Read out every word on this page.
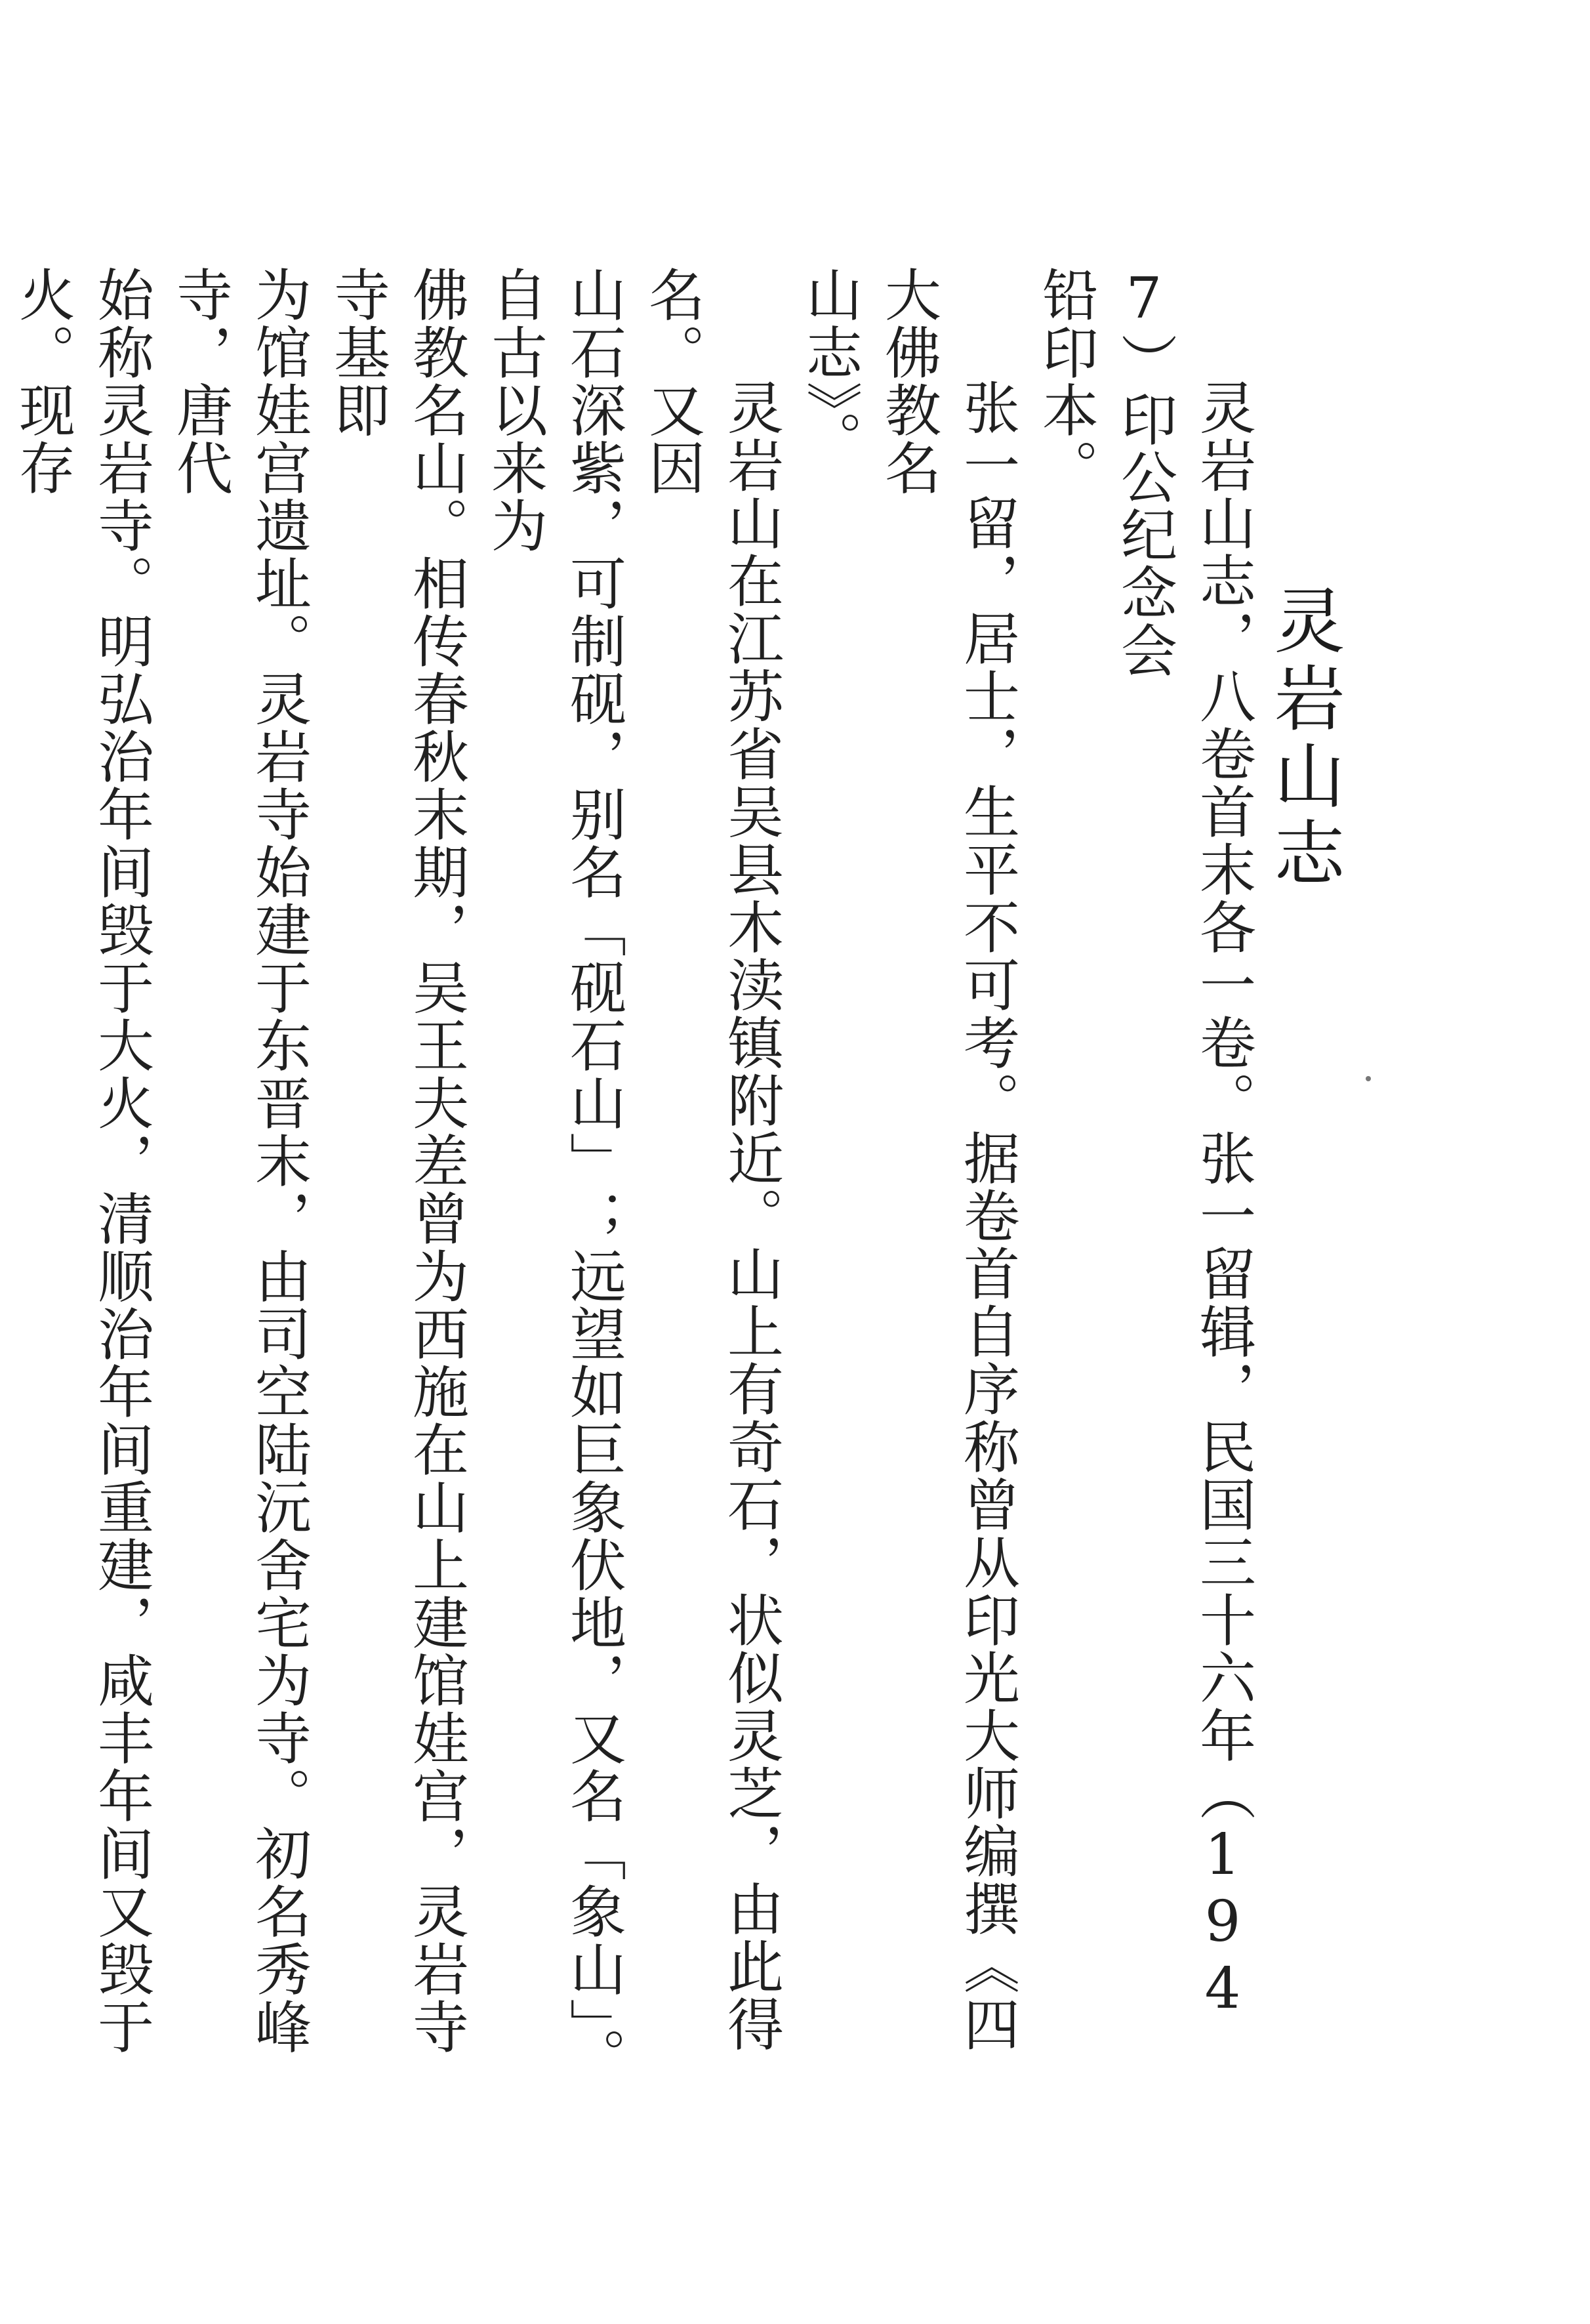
灵岩山志
灵岩山志，八卷首末各一卷。张一留辑，民国三十六年（1947）印公纪念会
铅印本。
张一留，居士，生平不可考。据卷首自序称曾从印光大师编撰《四大佛教名
山志》。
灵岩山在江苏省吴县木渎镇附近。山上有奇石，状似灵芝，由此得名。又因
山石深紫，可制砚，别名「砚石山」；远望如巨象伏地，又名「象山」。自古以来为
佛教名山。相传春秋末期，吴王夫差曾为西施在山上建馆娃宫，灵岩寺寺基即
为馆娃宫遗址。灵岩寺始建于东晋末，由司空陆沅舍宅为寺。初名秀峰寺，唐代
始称灵岩寺。明弘治年间毁于大火，清顺治年间重建，咸丰年间又毁于火。现存
